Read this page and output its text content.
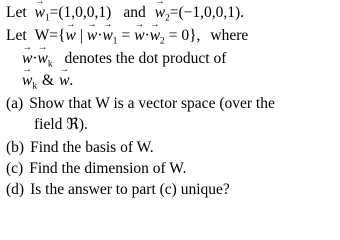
$Let\to w_1=(1,0,0,1)$ $and\to w_2=(-1,0,0,1)$.
Let W={→ w |→ $w\cdot\to w_1 =\to w\cdot\to w_2 = 0$}, where
→ $w\cdot\to w_k$ denotes the dot product of
→ $w_k$ &→ w.
(a) Show that W is a vector space (over the
field ℜ).
(b) Find the basis of W.
(c) Find the dimension of W.
(d) Is the answer to part (c) unique?
